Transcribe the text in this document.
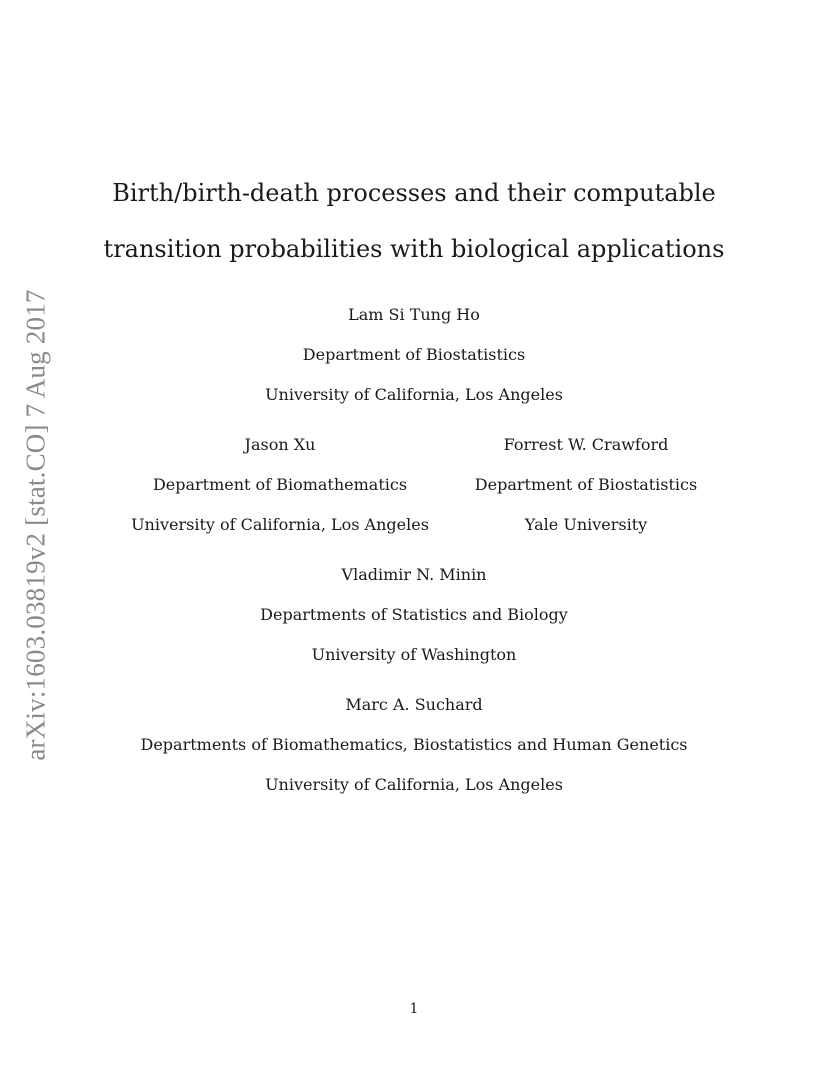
arXiv:1603.03819v2 [stat.CO] 7 Aug 2017
Birth/birth-death processes and their computable
transition probabilities with biological applications
Lam Si Tung Ho
Department of Biostatistics
University of California, Los Angeles
Jason Xu
Department of Biomathematics
University of California, Los Angeles
Forrest W. Crawford
Department of Biostatistics
Yale University
Vladimir N. Minin
Departments of Statistics and Biology
University of Washington
Marc A. Suchard
Departments of Biomathematics, Biostatistics and Human Genetics
University of California, Los Angeles
1
